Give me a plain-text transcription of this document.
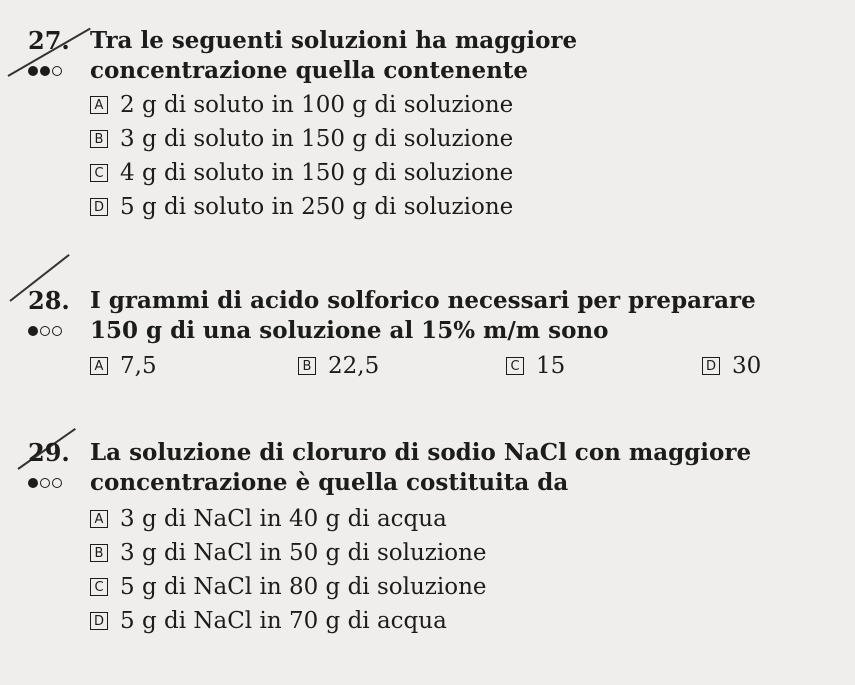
27. Tra le seguenti soluzioni ha maggiore
concentrazione quella contenente
A 2 g di soluto in 100 g di soluzione
B 3 g di soluto in 150 g di soluzione
C 4 g di soluto in 150 g di soluzione
D 5 g di soluto in 250 g di soluzione
28. I grammi di acido solforico necessari per preparare
150 g di una soluzione al 15% m/m sono
A 7,5	B 22,5	C 15	D 30
29. La soluzione di cloruro di sodio NaCl con maggiore
concentrazione è quella costituita da
A 3 g di NaCl in 40 g di acqua
B 3 g di NaCl in 50 g di soluzione
C 5 g di NaCl in 80 g di soluzione
D 5 g di NaCl in 70 g di acqua
